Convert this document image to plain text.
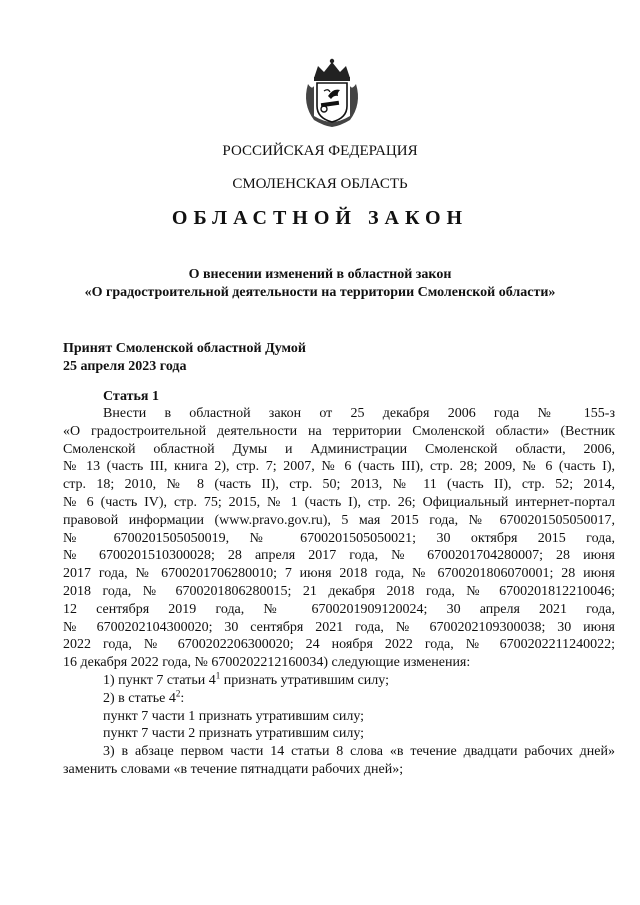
РОССИЙСКАЯ ФЕДЕРАЦИЯ
СМОЛЕНСКАЯ ОБЛАСТЬ
ОБЛАСТНОЙ ЗАКОН
О внесении изменений в областной закон
«О градостроительной деятельности на территории Смоленской области»
Принят Смоленской областной Думой
25 апреля 2023 года
Статья 1

Внести в областной закон от 25 декабря 2006 года № 155-з

«О градостроительной деятельности на территории Смоленской области» (Вестник

Смоленской областной Думы и Администрации Смоленской области, 2006,

№ 13 (часть III, книга 2), стр. 7; 2007, № 6 (часть III), стр. 28; 2009, № 6 (часть I),

стр. 18; 2010, № 8 (часть II), стр. 50; 2013, № 11 (часть II), стр. 52; 2014,

№ 6 (часть IV), стр. 75; 2015, № 1 (часть I), стр. 26; Официальный интернет-портал

правовой информации (www.pravo.gov.ru), 5 мая 2015 года, № 6700201505050017,

№ 6700201505050019, № 6700201505050021; 30 октября 2015 года,

№ 6700201510300028; 28 апреля 2017 года, № 6700201704280007; 28 июня

2017 года, № 6700201706280010; 7 июня 2018 года, № 6700201806070001; 28 июня

2018 года, № 6700201806280015; 21 декабря 2018 года, № 6700201812210046;

12 сентября 2019 года, № 6700201909120024; 30 апреля 2021 года,

№ 6700202104300020; 30 сентября 2021 года, № 6700202109300038; 30 июня

2022 года, № 6700202206300020; 24 ноября 2022 года, № 6700202211240022;

16 декабря 2022 года, № 6700202212160034) следующие изменения:

1) пункт 7 статьи $4^1$ признать утратившим силу;

2) в статье $4^2$:

пункт 7 части 1 признать утратившим силу;

пункт 7 части 2 признать утратившим силу;

3) в абзаце первом части 14 статьи 8 слова «в течение двадцати рабочих дней»

заменить словами «в течение пятнадцати рабочих дней»;
